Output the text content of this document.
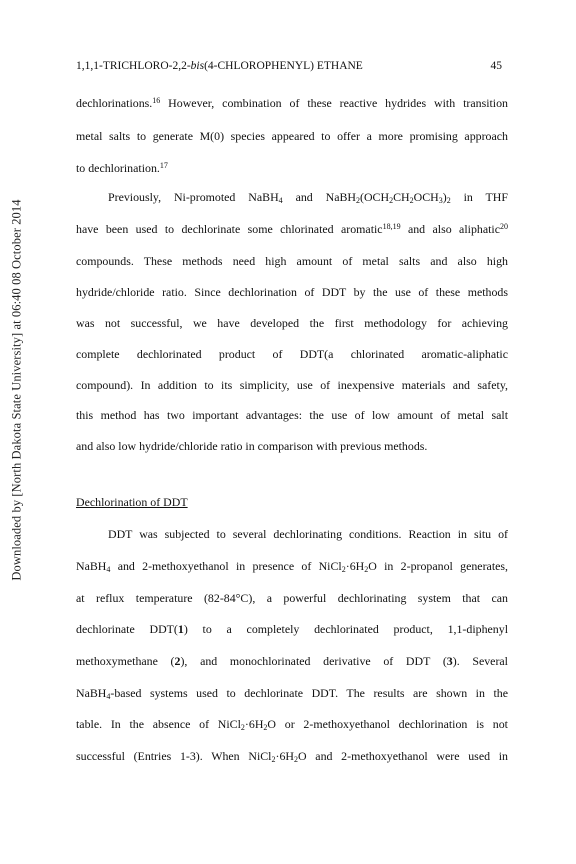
Downloaded by [North Dakota State University] at 06:40 08 October 2014
1,1,1-TRICHLORO-2,2-bis(4-CHLOROPHENYL) ETHANE	45
dechlorinations.$^{16}$ However, combination of these reactive hydrides with transition
metal salts to generate M(0) species appeared to offer a more promising approach
to dechlorination.$^{17}$
Previously, Ni-promoted NaBH$_4$ and $NaBH_2(OCH_2CH_2OCH_3)_2$ in THF
have been used to dechlorinate some chlorinated aromatic$^{18,19}$ and also aliphatic$^{20}$
compounds. These methods need high amount of metal salts and also high
hydride/chloride ratio. Since dechlorination of DDT by the use of these methods
was not successful, we have developed the first methodology for achieving
complete dechlorinated product of DDT(a chlorinated aromatic-aliphatic
compound). In addition to its simplicity, use of inexpensive materials and safety,
this method has two important advantages: the use of low amount of metal salt
and also low hydride/chloride ratio in comparison with previous methods.
Dechlorination of DDT
DDT was subjected to several dechlorinating conditions. Reaction in situ of
NaBH$_4$ and 2-methoxyethanol in presence of $NiCl_2\cdot 6H_2O$ in 2-propanol generates,
at reflux temperature (82-84°C), a powerful dechlorinating system that can
dechlorinate DDT(1) to a completely dechlorinated product, 1,1-diphenyl
methoxymethane (2), and monochlorinated derivative of DDT (3). Several
NaBH$_4$-based systems used to dechlorinate DDT. The results are shown in the
table. In the absence of $NiCl_2\cdot 6H_2O$ or 2-methoxyethanol dechlorination is not
successful (Entries 1-3). When $NiCl_2\cdot 6H_2O$ and 2-methoxyethanol were used in
